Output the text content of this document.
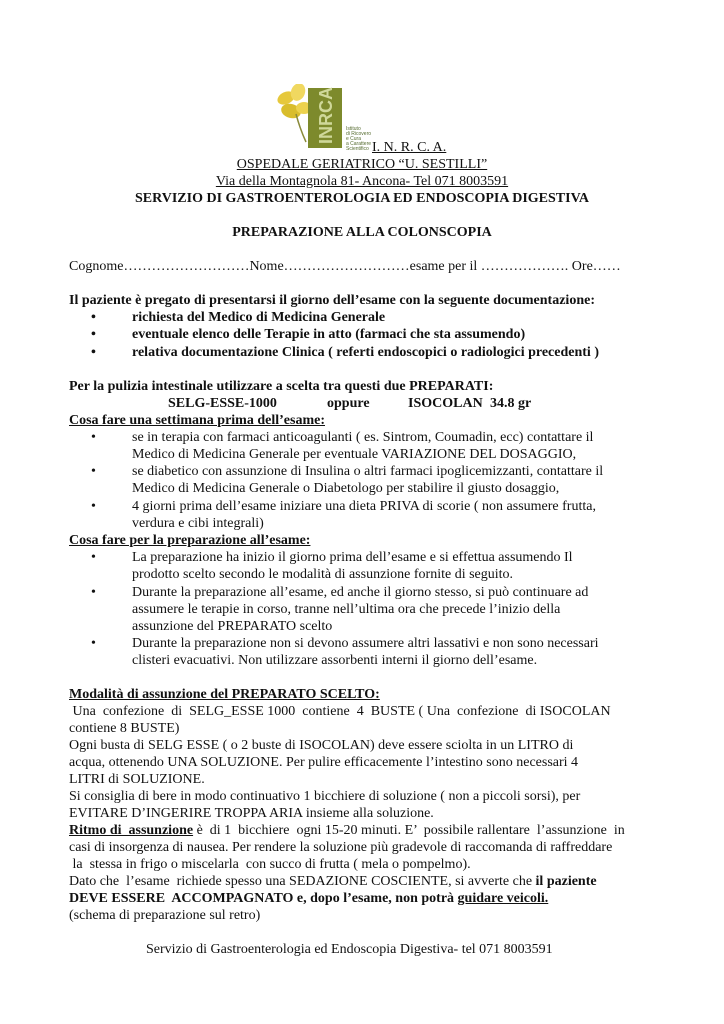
INRCA Istituto
di Ricovero
e Cura
a Carattere
Scientifico I. N. R. C. A.
OSPEDALE GERIATRICO “U. SESTILLI”
Via della Montagnola 81- Ancona- Tel 071 8003591
SERVIZIO DI GASTROENTEROLOGIA ED ENDOSCOPIA DIGESTIVA
PREPARAZIONE ALLA COLONSCOPIA
Cognome………………………Nome………………………esame per il ………………. Ore……
Il paziente è pregato di presentarsi il giorno dell’esame con la seguente documentazione:
•	richiesta del Medico di Medicina Generale
•	eventuale elenco delle Terapie in atto (farmaci che sta assumendo)
•	relativa documentazione Clinica ( referti endoscopici o radiologici precedenti )
Per la pulizia intestinale utilizzare a scelta tra questi due PREPARATI:
SELG-ESSE-1000	oppure	ISOCOLAN 34.8 gr
Cosa fare una settimana prima dell’esame:
•	se in terapia con farmaci anticoagulanti ( es. Sintrom, Coumadin, ecc) contattare il
Medico di Medicina Generale per eventuale VARIAZIONE DEL DOSAGGIO,
•	se diabetico con assunzione di Insulina o altri farmaci ipoglicemizzanti, contattare il
Medico di Medicina Generale o Diabetologo per stabilire il giusto dosaggio,
•	4 giorni prima dell’esame iniziare una dieta PRIVA di scorie ( non assumere frutta,
verdura e cibi integrali)
Cosa fare per la preparazione all’esame:
•	La preparazione ha inizio il giorno prima dell’esame e si effettua assumendo Il
prodotto scelto secondo le modalità di assunzione fornite di seguito.
•	Durante la preparazione all’esame, ed anche il giorno stesso, si può continuare ad
assumere le terapie in corso, tranne nell’ultima ora che precede l’inizio della
assunzione del PREPARATO scelto
•	Durante la preparazione non si devono assumere altri lassativi e non sono necessari
clisteri evacuativi. Non utilizzare assorbenti interni il giorno dell’esame.
Modalità di assunzione del PREPARATO SCELTO:
Una  confezione  di  SELG_ESSE 1000  contiene  4  BUSTE ( Una  confezione  di ISOCOLAN
contiene 8 BUSTE)
Ogni busta di SELG ESSE ( o 2 buste di ISOCOLAN) deve essere sciolta in un LITRO di
acqua, ottenendo UNA SOLUZIONE. Per pulire efficacemente l’intestino sono necessari 4
LITRI di SOLUZIONE.
Si consiglia di bere in modo continuativo 1 bicchiere di soluzione ( non a piccoli sorsi), per
EVITARE D’INGERIRE TROPPA ARIA insieme alla soluzione.
Ritmo di  assunzione è  di 1  bicchiere  ogni 15-20 minuti. E’  possibile rallentare  l’assunzione  in
casi di insorgenza di nausea. Per rendere la soluzione più gradevole di raccomanda di raffreddare
la  stessa in frigo o miscelarla  con succo di frutta ( mela o pompelmo).
Dato che  l’esame  richiede spesso una SEDAZIONE COSCIENTE, si avverte che il paziente
DEVE ESSERE  ACCOMPAGNATO e, dopo l’esame, non potrà guidare veicoli.
(schema di preparazione sul retro)
Servizio di Gastroenterologia ed Endoscopia Digestiva- tel 071 8003591
